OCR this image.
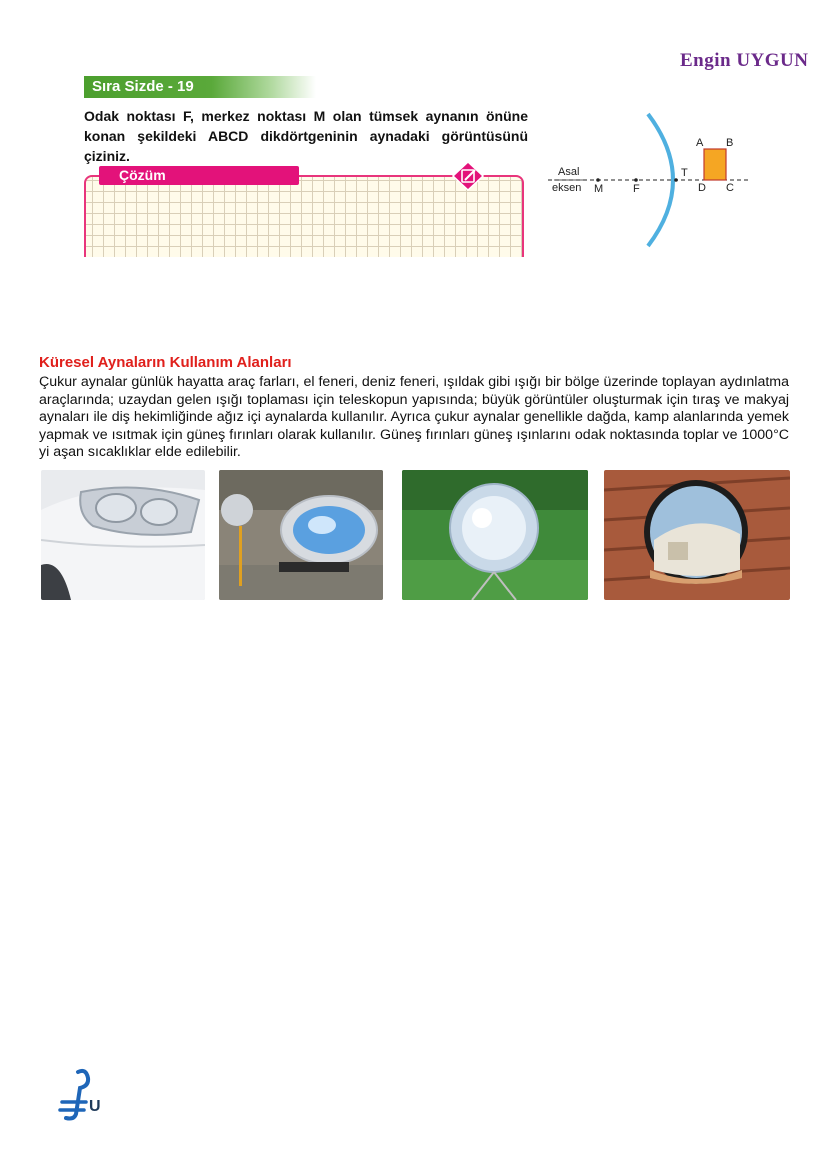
Engin UYGUN
Sıra Sizde - 19
Odak noktası F, merkez noktası M olan tümsek aynanın önüne konan şekildeki ABCD dikdörtgeninin aynadaki görüntüsünü çiziniz.
Çözüm	Asal
eksen M	F
T
A B
D C
Küresel Aynaların Kullanım Alanları
Çukur aynalar günlük hayatta araç farları, el feneri, deniz feneri, ışıldak gibi ışığı bir bölge üzerinde toplayan aydınlatma araçlarında; uzaydan gelen ışığı toplaması için teleskopun yapısında; büyük görüntüler oluşturmak için tıraş ve makyaj aynaları ile diş hekimliğinde ağız içi aynalarda kullanılır. Ayrıca çukur aynalar genellikle dağda, kamp alanlarında yemek yapmak ve ısıtmak için güneş fırınları olarak kullanılır. Güneş fırınları güneş ışınlarını odak noktasında toplar ve 1000°C yi aşan sıcaklıklar elde edilebilir.
U
